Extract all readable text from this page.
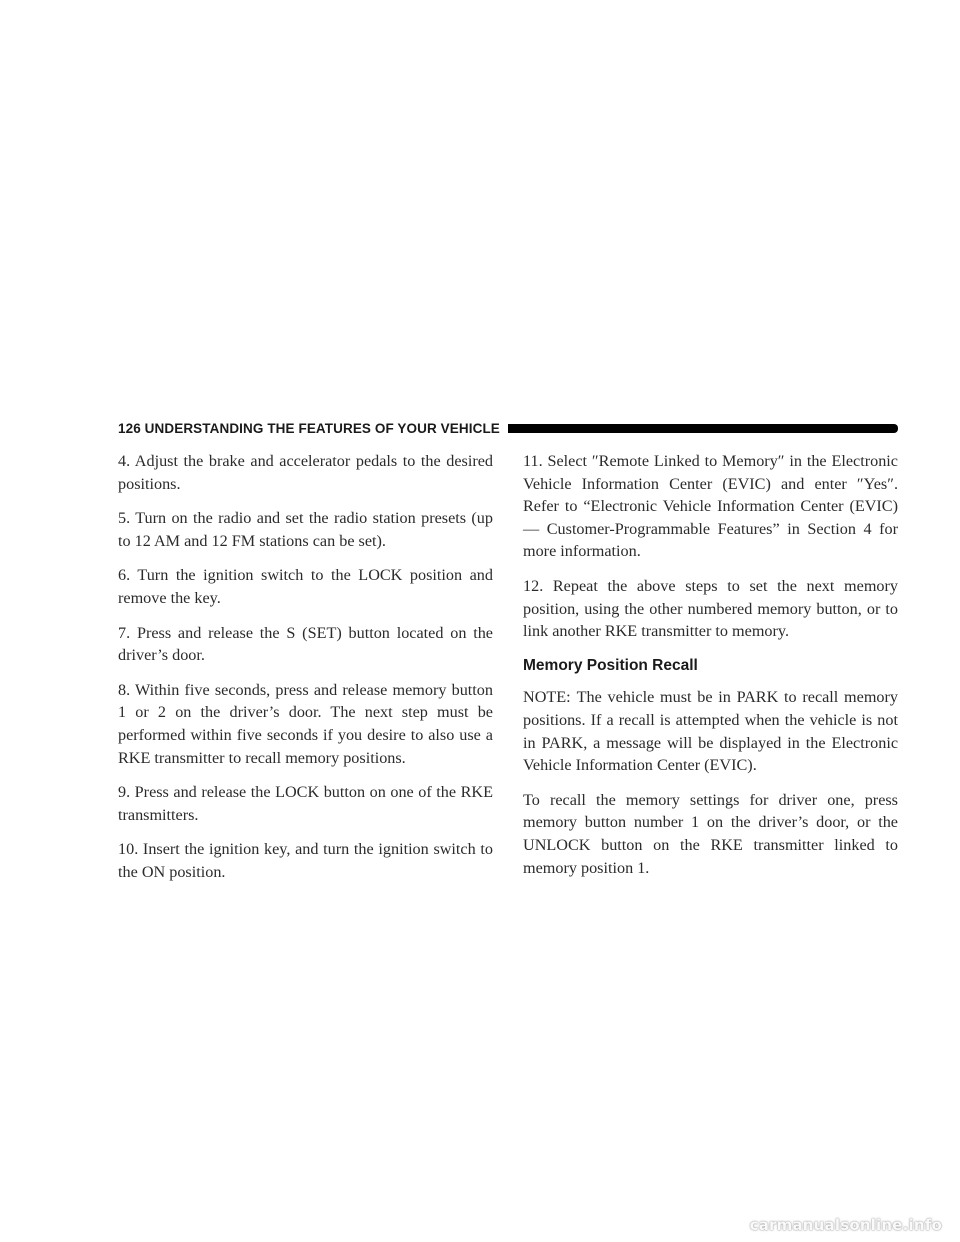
126 UNDERSTANDING THE FEATURES OF YOUR VEHICLE

4. Adjust the brake and accelerator pedals to the desired positions.

5. Turn on the radio and set the radio station presets (up to 12 AM and 12 FM stations can be set).

6. Turn the ignition switch to the LOCK position and remove the key.

7. Press and release the S (SET) button located on the driver’s door.

8. Within five seconds, press and release memory button 1 or 2 on the driver’s door. The next step must be performed within five seconds if you desire to also use a RKE transmitter to recall memory positions.

9. Press and release the LOCK button on one of the RKE transmitters.

10. Insert the ignition key, and turn the ignition switch to the ON position.

11. Select ″Remote Linked to Memory″ in the Electronic Vehicle Information Center (EVIC) and enter ″Yes″. Refer to “Electronic Vehicle Information Center (EVIC) — Customer-Programmable Features” in Section 4 for more information.

12. Repeat the above steps to set the next memory position, using the other numbered memory button, or to link another RKE transmitter to memory.

Memory Position Recall

NOTE: The vehicle must be in PARK to recall memory positions. If a recall is attempted when the vehicle is not in PARK, a message will be displayed in the Electronic Vehicle Information Center (EVIC).

To recall the memory settings for driver one, press memory button number 1 on the driver’s door, or the UNLOCK button on the RKE transmitter linked to memory position 1.

carmanualsonline.info
